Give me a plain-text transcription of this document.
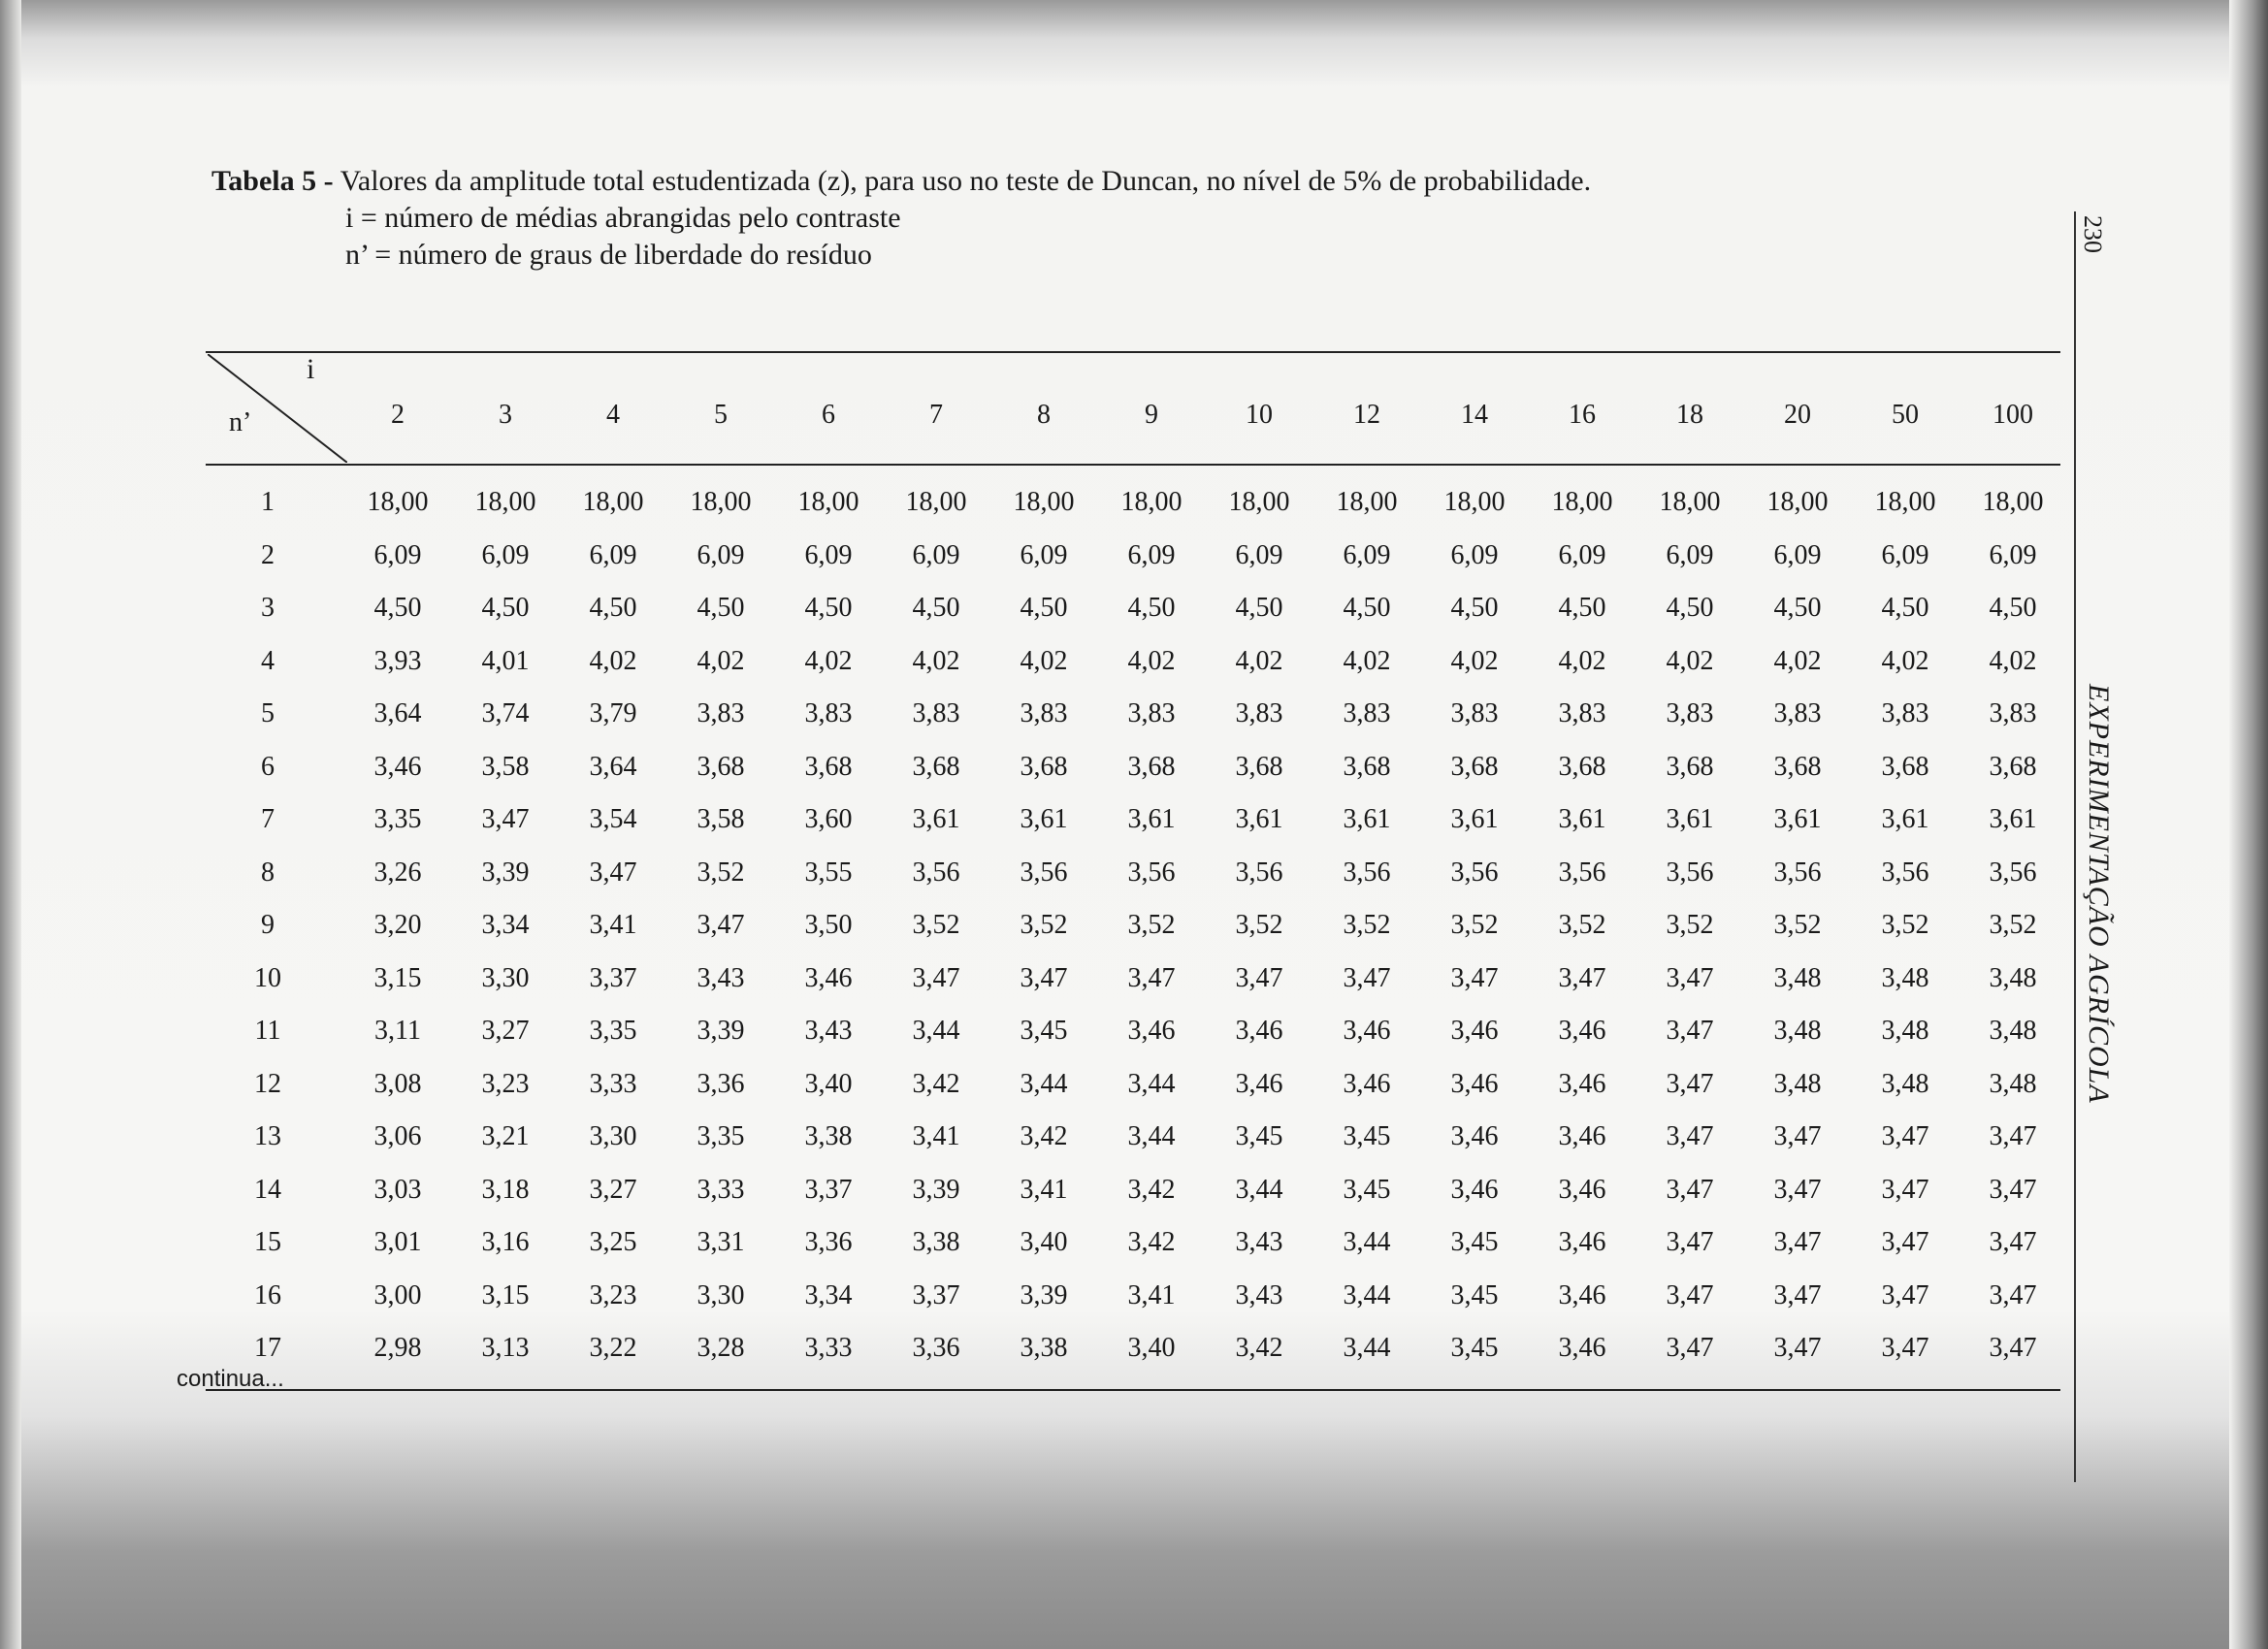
Tabela 5 - Valores da amplitude total estudentizada (z), para uso no teste de Duncan, no nível de 5% de probabilidade.
i = número de médias abrangidas pelo contraste
n’ = número de graus de liberdade do resíduo
230
EXPERIMENTAÇÃO AGRÍCOLA
i
n’	2	3	4	5	6	7	8	9	10	12	14	16	18	20	50	100
1	18,00 18,00 18,00 18,00 18,00 18,00 18,00 18,00 18,00 18,00 18,00 18,00 18,00 18,00 18,00 18,00
2	6,09 6,09 6,09 6,09 6,09 6,09 6,09 6,09 6,09 6,09 6,09 6,09 6,09 6,09 6,09 6,09
3	4,50 4,50 4,50 4,50 4,50 4,50 4,50 4,50 4,50 4,50 4,50 4,50 4,50 4,50 4,50 4,50
4	3,93 4,01 4,02 4,02 4,02 4,02 4,02 4,02 4,02 4,02 4,02 4,02 4,02 4,02 4,02 4,02
5	3,64 3,74 3,79 3,83 3,83 3,83 3,83 3,83 3,83 3,83 3,83 3,83 3,83 3,83 3,83 3,83
6	3,46 3,58 3,64 3,68 3,68 3,68 3,68 3,68 3,68 3,68 3,68 3,68 3,68 3,68 3,68 3,68
7	3,35 3,47 3,54 3,58 3,60 3,61 3,61 3,61 3,61 3,61 3,61 3,61 3,61 3,61 3,61 3,61
8	3,26 3,39 3,47 3,52 3,55 3,56 3,56 3,56 3,56 3,56 3,56 3,56 3,56 3,56 3,56 3,56
9	3,20 3,34 3,41 3,47 3,50 3,52 3,52 3,52 3,52 3,52 3,52 3,52 3,52 3,52 3,52 3,52
10	3,15 3,30 3,37 3,43 3,46 3,47 3,47 3,47 3,47 3,47 3,47 3,47 3,47 3,48 3,48 3,48
11	3,11 3,27 3,35 3,39 3,43 3,44 3,45 3,46 3,46 3,46 3,46 3,46 3,47 3,48 3,48 3,48
12	3,08 3,23 3,33 3,36 3,40 3,42 3,44 3,44 3,46 3,46 3,46 3,46 3,47 3,48 3,48 3,48
13	3,06 3,21 3,30 3,35 3,38 3,41 3,42 3,44 3,45 3,45 3,46 3,46 3,47 3,47 3,47 3,47
14	3,03 3,18 3,27 3,33 3,37 3,39 3,41 3,42 3,44 3,45 3,46 3,46 3,47 3,47 3,47 3,47
15	3,01 3,16 3,25 3,31 3,36 3,38 3,40 3,42 3,43 3,44 3,45 3,46 3,47 3,47 3,47 3,47
16	3,00 3,15 3,23 3,30 3,34 3,37 3,39 3,41 3,43 3,44 3,45 3,46 3,47 3,47 3,47 3,47
17	2,98 3,13 3,22 3,28 3,33 3,36 3,38 3,40 3,42 3,44 3,45 3,46 3,47 3,47 3,47 3,47
continua...
